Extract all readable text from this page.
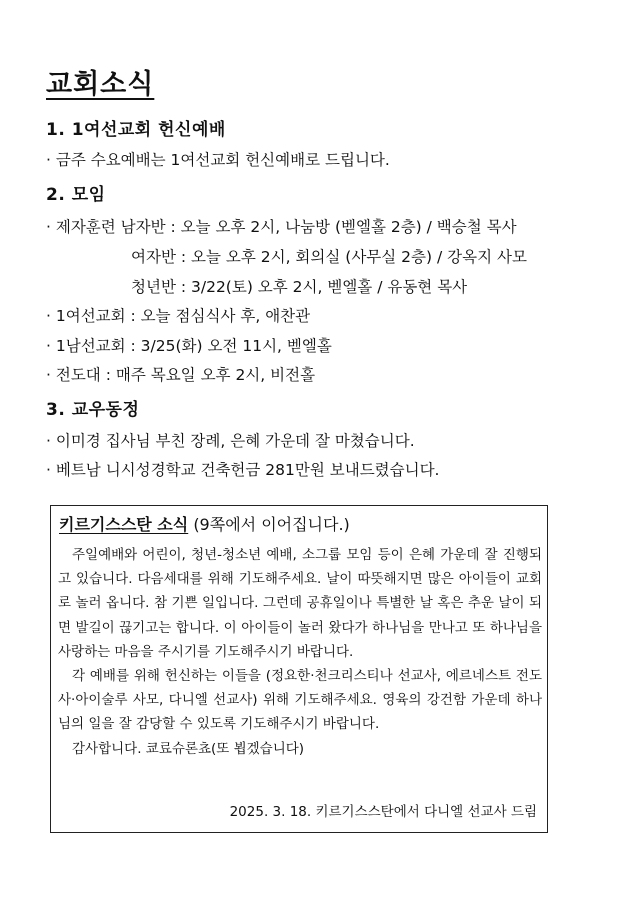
교회소식
1. 1여선교회 헌신예배
· 금주 수요예배는 1여선교회 헌신예배로 드립니다.
2. 모임
· 제자훈련 남자반 : 오늘 오후 2시, 나눔방 (벧엘홀 2층) / 백승철 목사
여자반 : 오늘 오후 2시, 회의실 (사무실 2층) / 강옥지 사모
청년반 : 3/22(토) 오후 2시, 벧엘홀 / 유동현 목사
· 1여선교회 : 오늘 점심식사 후, 애찬관
· 1남선교회 : 3/25(화) 오전 11시, 벧엘홀
· 전도대 : 매주 목요일 오후 2시, 비전홀
3. 교우동정
· 이미경 집사님 부친 장례, 은혜 가운데 잘 마쳤습니다.
· 베트남 니시성경학교 건축헌금 281만원 보내드렸습니다.
키르기스스탄 소식 (9쪽에서 이어집니다.)

주일예배와 어린이, 청년-청소년 예배, 소그룹 모임 등이 은혜 가운데 잘 진행되고 있습니다. 다음세대를 위해 기도해주세요. 날이 따뜻해지면 많은 아이들이 교회로 놀러 옵니다. 참 기쁜 일입니다. 그런데 공휴일이나 특별한 날 혹은 추운 날이 되면 발길이 끊기고는 합니다. 이 아이들이 놀러 왔다가 하나님을 만나고 또 하나님을 사랑하는 마음을 주시기를 기도해주시기 바랍니다.

각 예배를 위해 헌신하는 이들을 (정요한·천크리스티나 선교사, 에르네스트 전도사·아이술루 사모, 다니엘 선교사) 위해 기도해주세요. 영육의 강건함 가운데 하나님의 일을 잘 감당할 수 있도록 기도해주시기 바랍니다.

감사합니다. 쿄료슈론쵸(또 뵙겠습니다)

2025. 3. 18. 키르기스스탄에서 다니엘 선교사 드림
